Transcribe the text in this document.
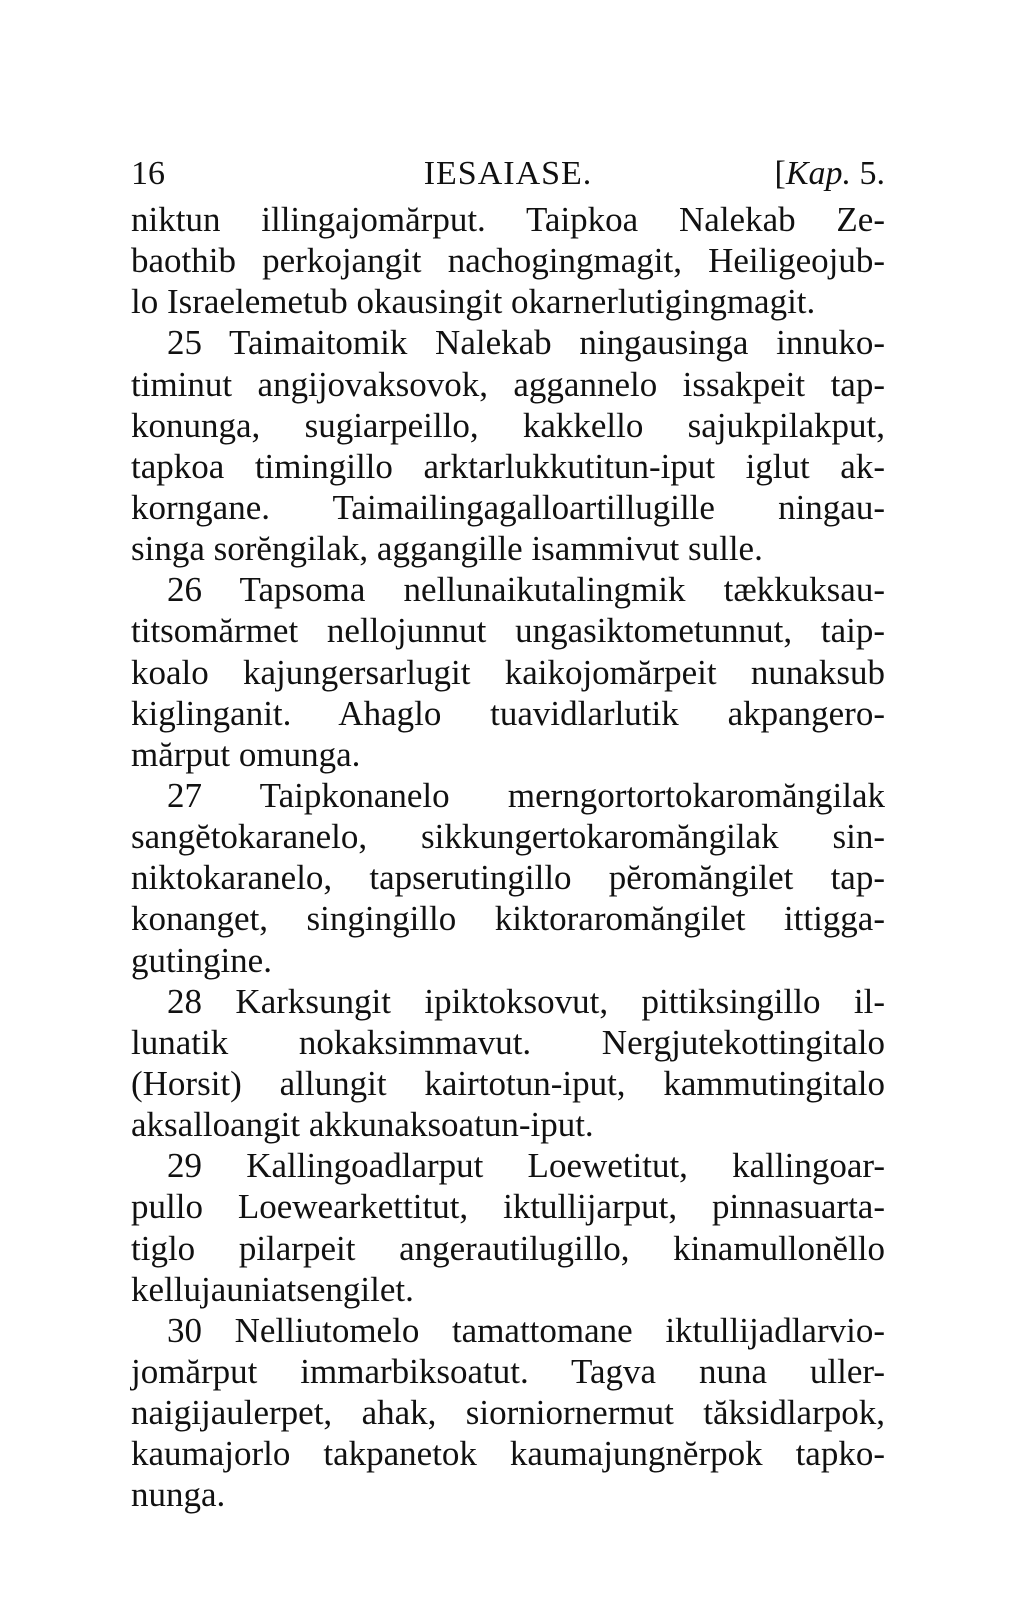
16	IESAIASE.	[Kap. 5.
niktun illingajomărput. Taipkoa Nalekab Ze-
baothib perkojangit nachogingmagit, Heiligeojub-
lo Israelemetub okausingit okarnerlutigingmagit.
25 Taimaitomik Nalekab ningausinga innuko-
timinut angijovaksovok, aggannelo issakpeit tap-
konunga, sugiarpeillo, kakkello sajukpilakput,
tapkoa timingillo arktarlukkutitun-iput iglut ak-
korngane. Taimailingagalloartillugille ningau-
singa sorĕngilak, aggangille isammivut sulle.
26 Tapsoma nellunaikutalingmik tækkuksau-
titsomărmet nellojunnut ungasiktometunnut, taip-
koalo kajungersarlugit kaikojomărpeit nunaksub
kiglinganit. Ahaglo tuavidlarlutik akpangero-
mărput omunga.
27 Taipkonanelo merngortortokaromăngilak
sangĕtokaranelo, sikkungertokaromăngilak sin-
niktokaranelo, tapserutingillo pĕromăngilet tap-
konanget, singingillo kiktoraromăngilet ittigga-
gutingine.
28 Karksungit ipiktoksovut, pittiksingillo il-
lunatik nokaksimmavut. Nergjutekottingitalo
(Horsit) allungit kairtotun-iput, kammutingitalo
aksalloangit akkunaksoatun-iput.
29 Kallingoadlarput Loewetitut, kallingoar-
pullo Loewearkettitut, iktullijarput, pinnasuarta-
tiglo pilarpeit angerautilugillo, kinamullonĕllo
kellujauniatsengilet.
30 Nelliutomelo tamattomane iktullijadlarvio-
jomărput immarbiksoatut. Tagva nuna uller-
naigijaulerpet, ahak, siorniornermut tăksidlarpok,
kaumajorlo takpanetok kaumajungnĕrpok tapko-
nunga.
